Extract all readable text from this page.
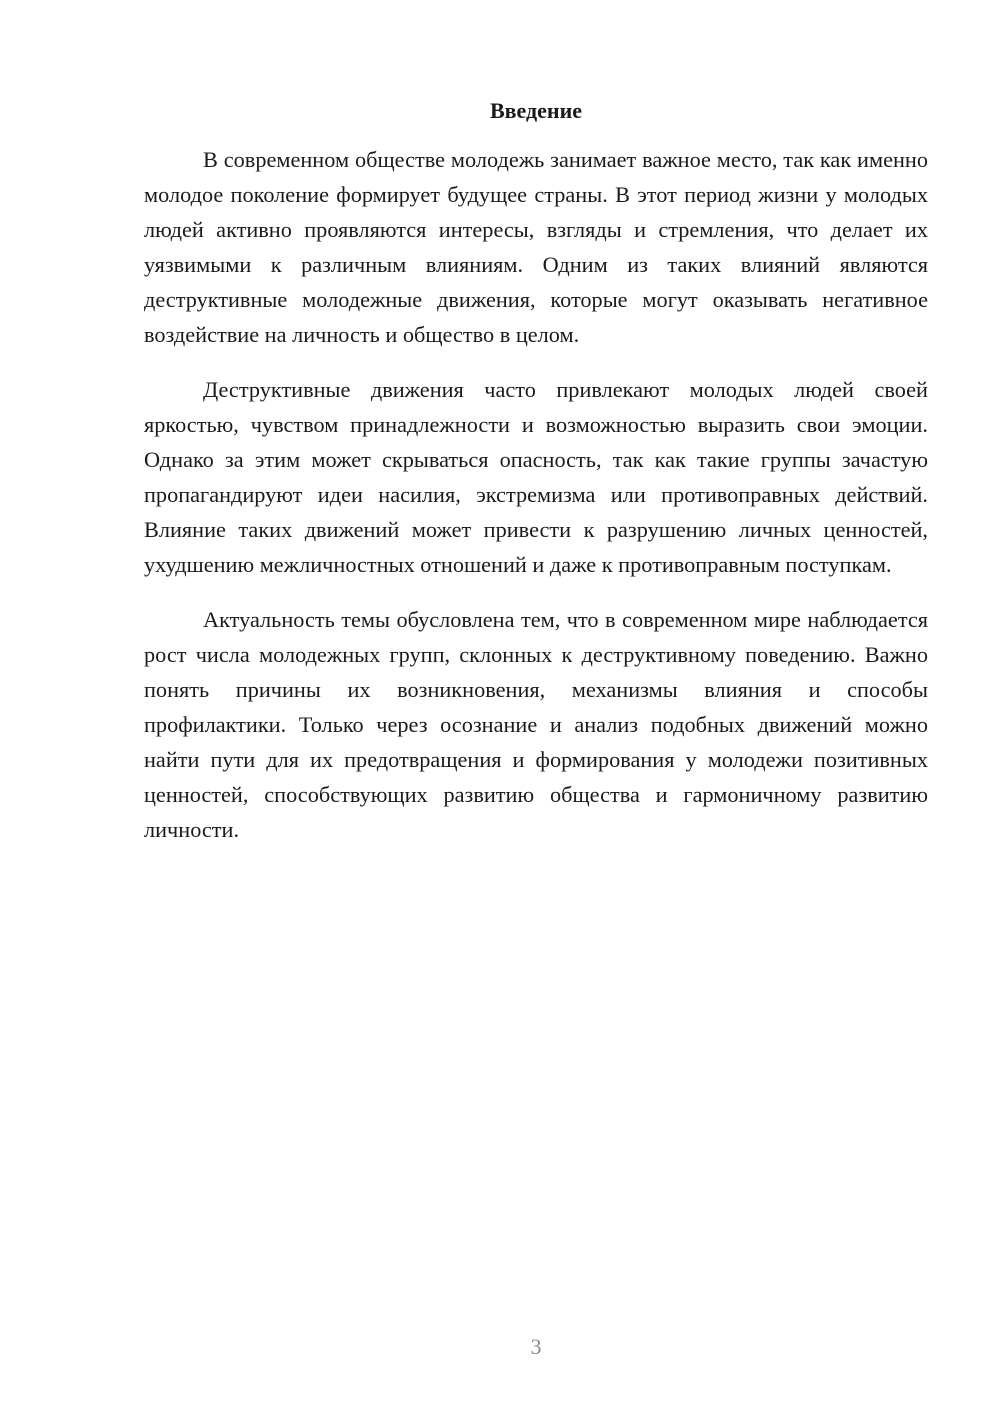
Введение

В современном обществе молодежь занимает важное место, так как именно молодое поколение формирует будущее страны. В этот период жизни у молодых людей активно проявляются интересы, взгляды и стремления, что делает их уязвимыми к различным влияниям. Одним из таких влияний являются деструктивные молодежные движения, которые могут оказывать негативное воздействие на личность и общество в целом.

Деструктивные движения часто привлекают молодых людей своей яркостью, чувством принадлежности и возможностью выразить свои эмоции. Однако за этим может скрываться опасность, так как такие группы зачастую пропагандируют идеи насилия, экстремизма или противоправных действий. Влияние таких движений может привести к разрушению личных ценностей, ухудшению межличностных отношений и даже к противоправным поступкам.

Актуальность темы обусловлена тем, что в современном мире наблюдается рост числа молодежных групп, склонных к деструктивному поведению. Важно понять причины их возникновения, механизмы влияния и способы профилактики. Только через осознание и анализ подобных движений можно найти пути для их предотвращения и формирования у молодежи позитивных ценностей, способствующих развитию общества и гармоничному развитию личности.

3
